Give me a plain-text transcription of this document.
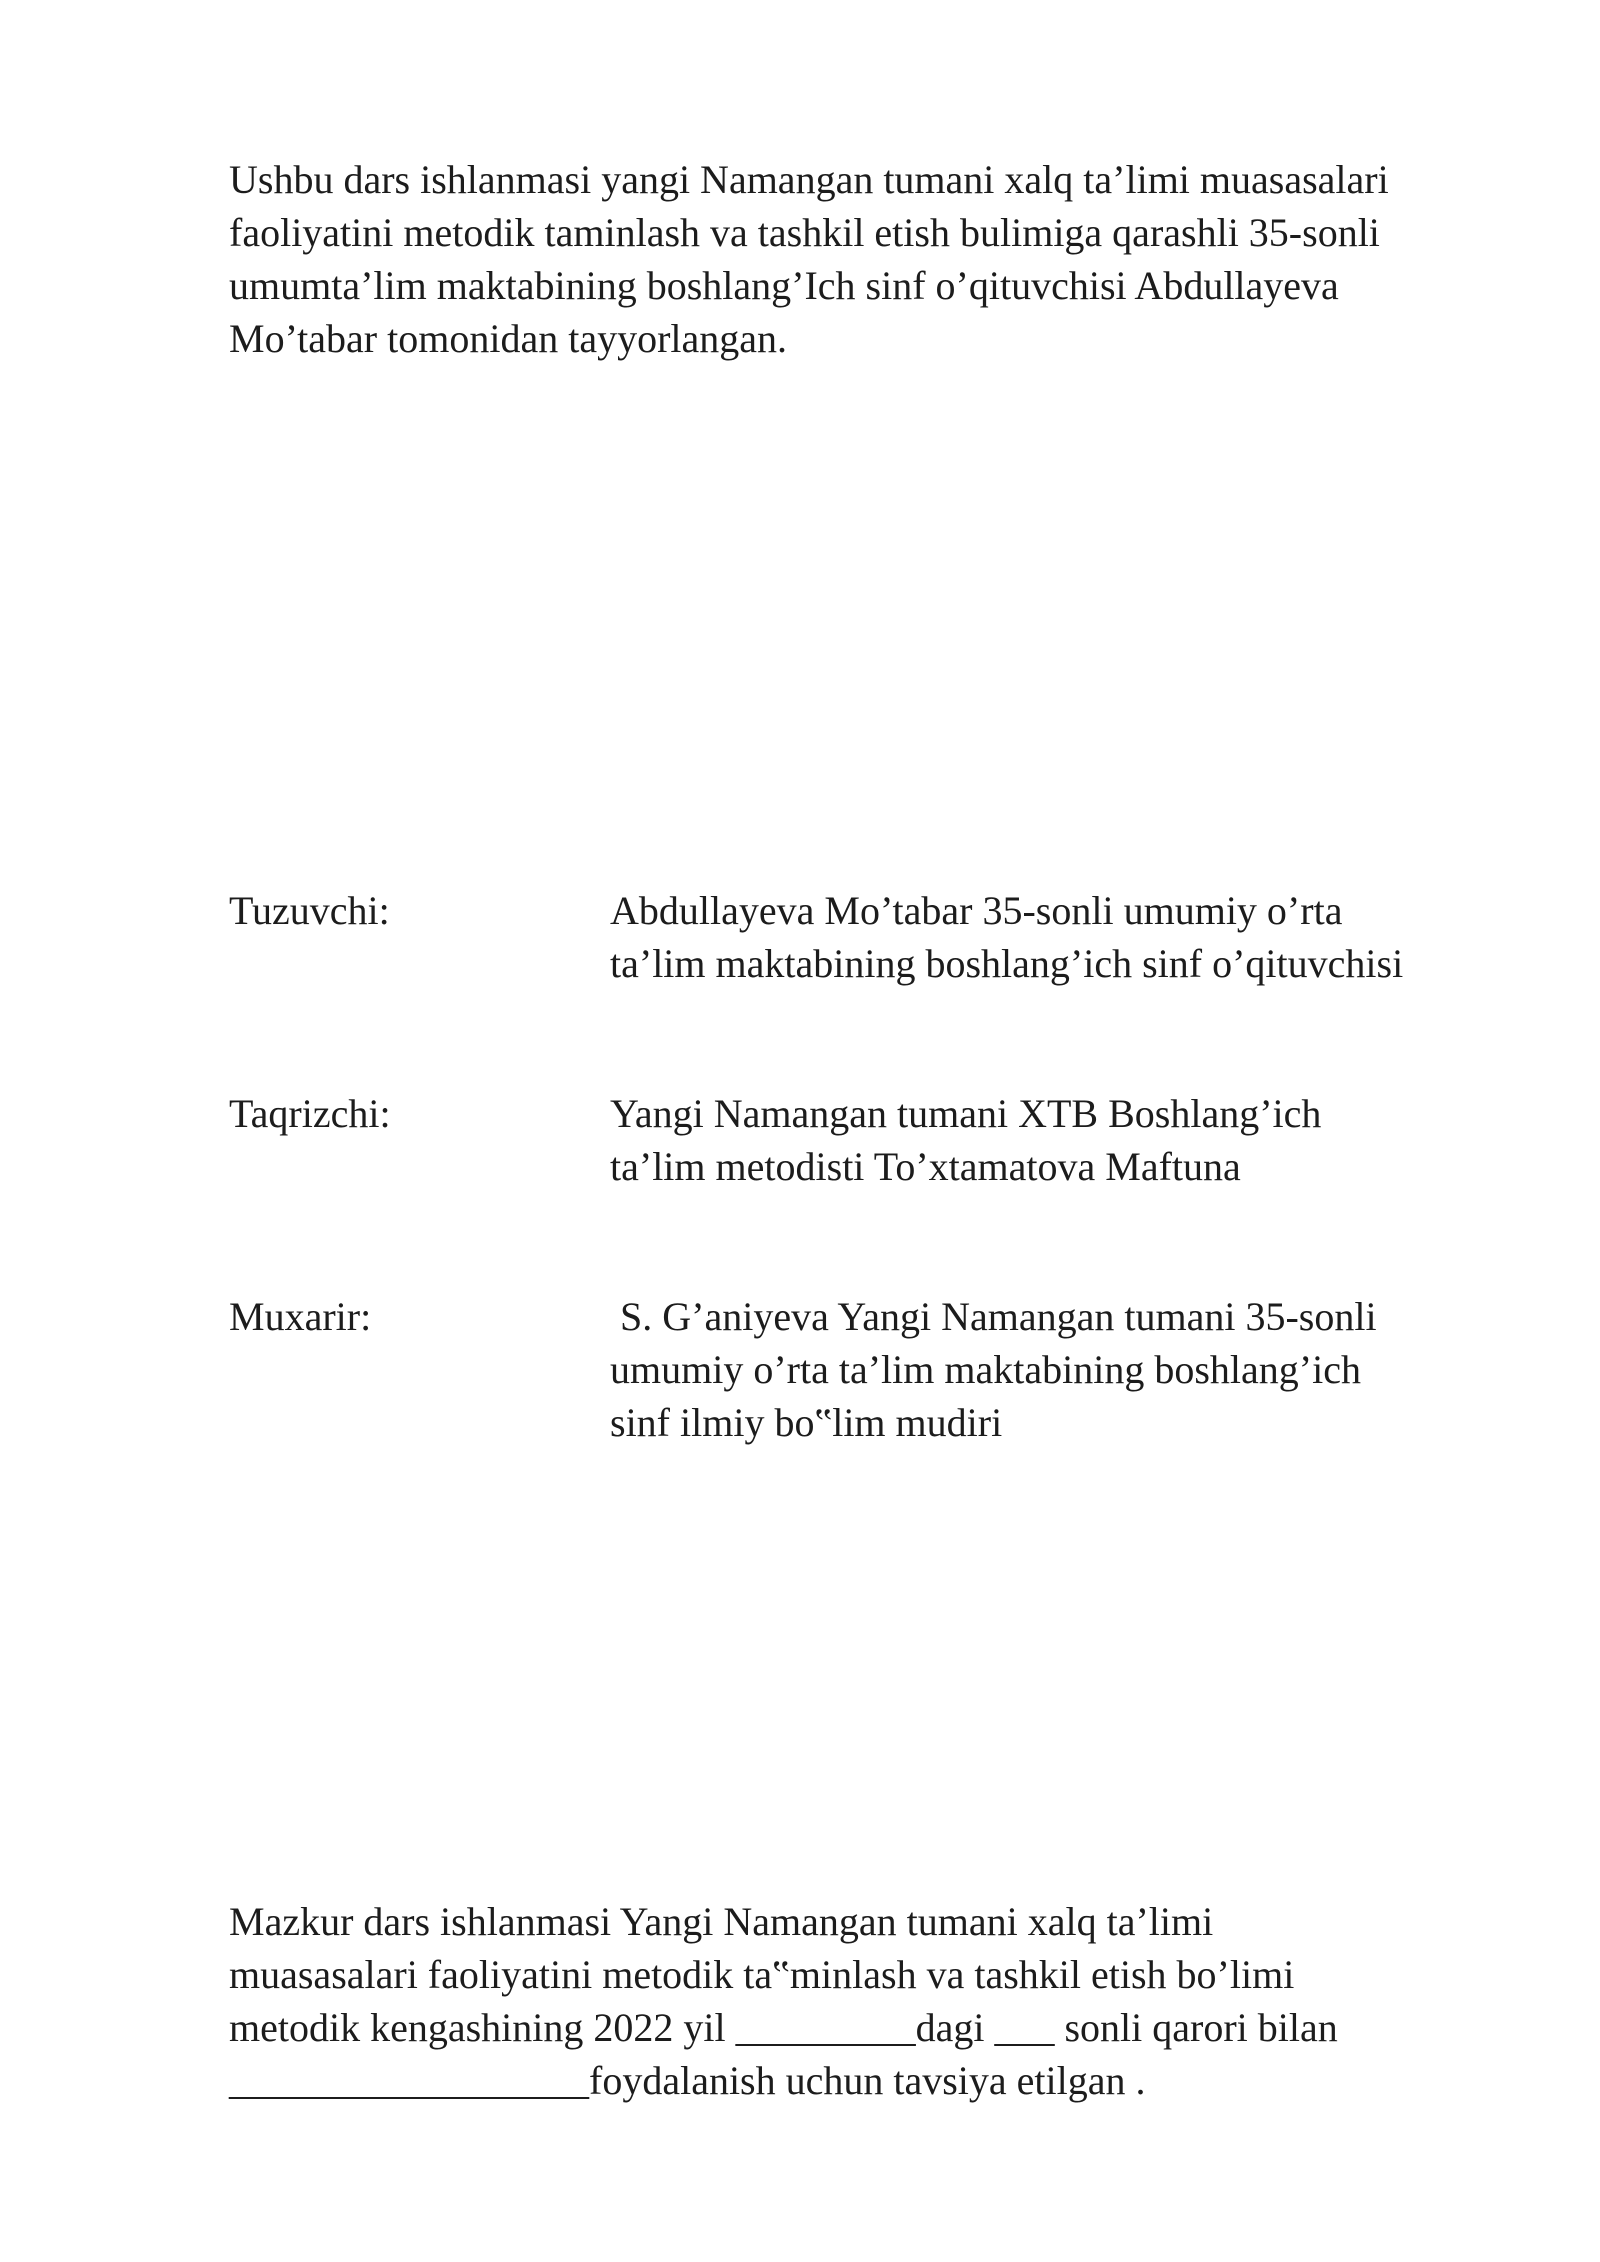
Ushbu dars ishlanmasi yangi Namangan tumani xalq ta’limi muasasalari
faoliyatini metodik taminlash va tashkil etish bulimiga qarashli 35-sonli
umumta’lim maktabining boshlang’Ich sinf o’qituvchisi Abdullayeva
Mo’tabar tomonidan tayyorlangan.

Tuzuvchi:	Abdullayeva Mo’tabar 35-sonli umumiy o’rta
ta’lim maktabining boshlang’ich sinf o’qituvchisi
Taqrizchi:	Yangi Namangan tumani XTB Boshlang’ich
ta’lim metodisti To’xtamatova Maftuna
Muxarir:	S. G’aniyeva Yangi Namangan tumani 35-sonli
umumiy o’rta ta’lim maktabining boshlang’ich
sinf ilmiy bo‟lim mudiri

Mazkur dars ishlanmasi Yangi Namangan tumani xalq ta’limi
muasasalari faoliyatini metodik ta‟minlash va tashkil etish bo’limi
metodik kengashining 2022 yil _________dagi ___ sonli qarori bilan
__________________foydalanish uchun tavsiya etilgan .
